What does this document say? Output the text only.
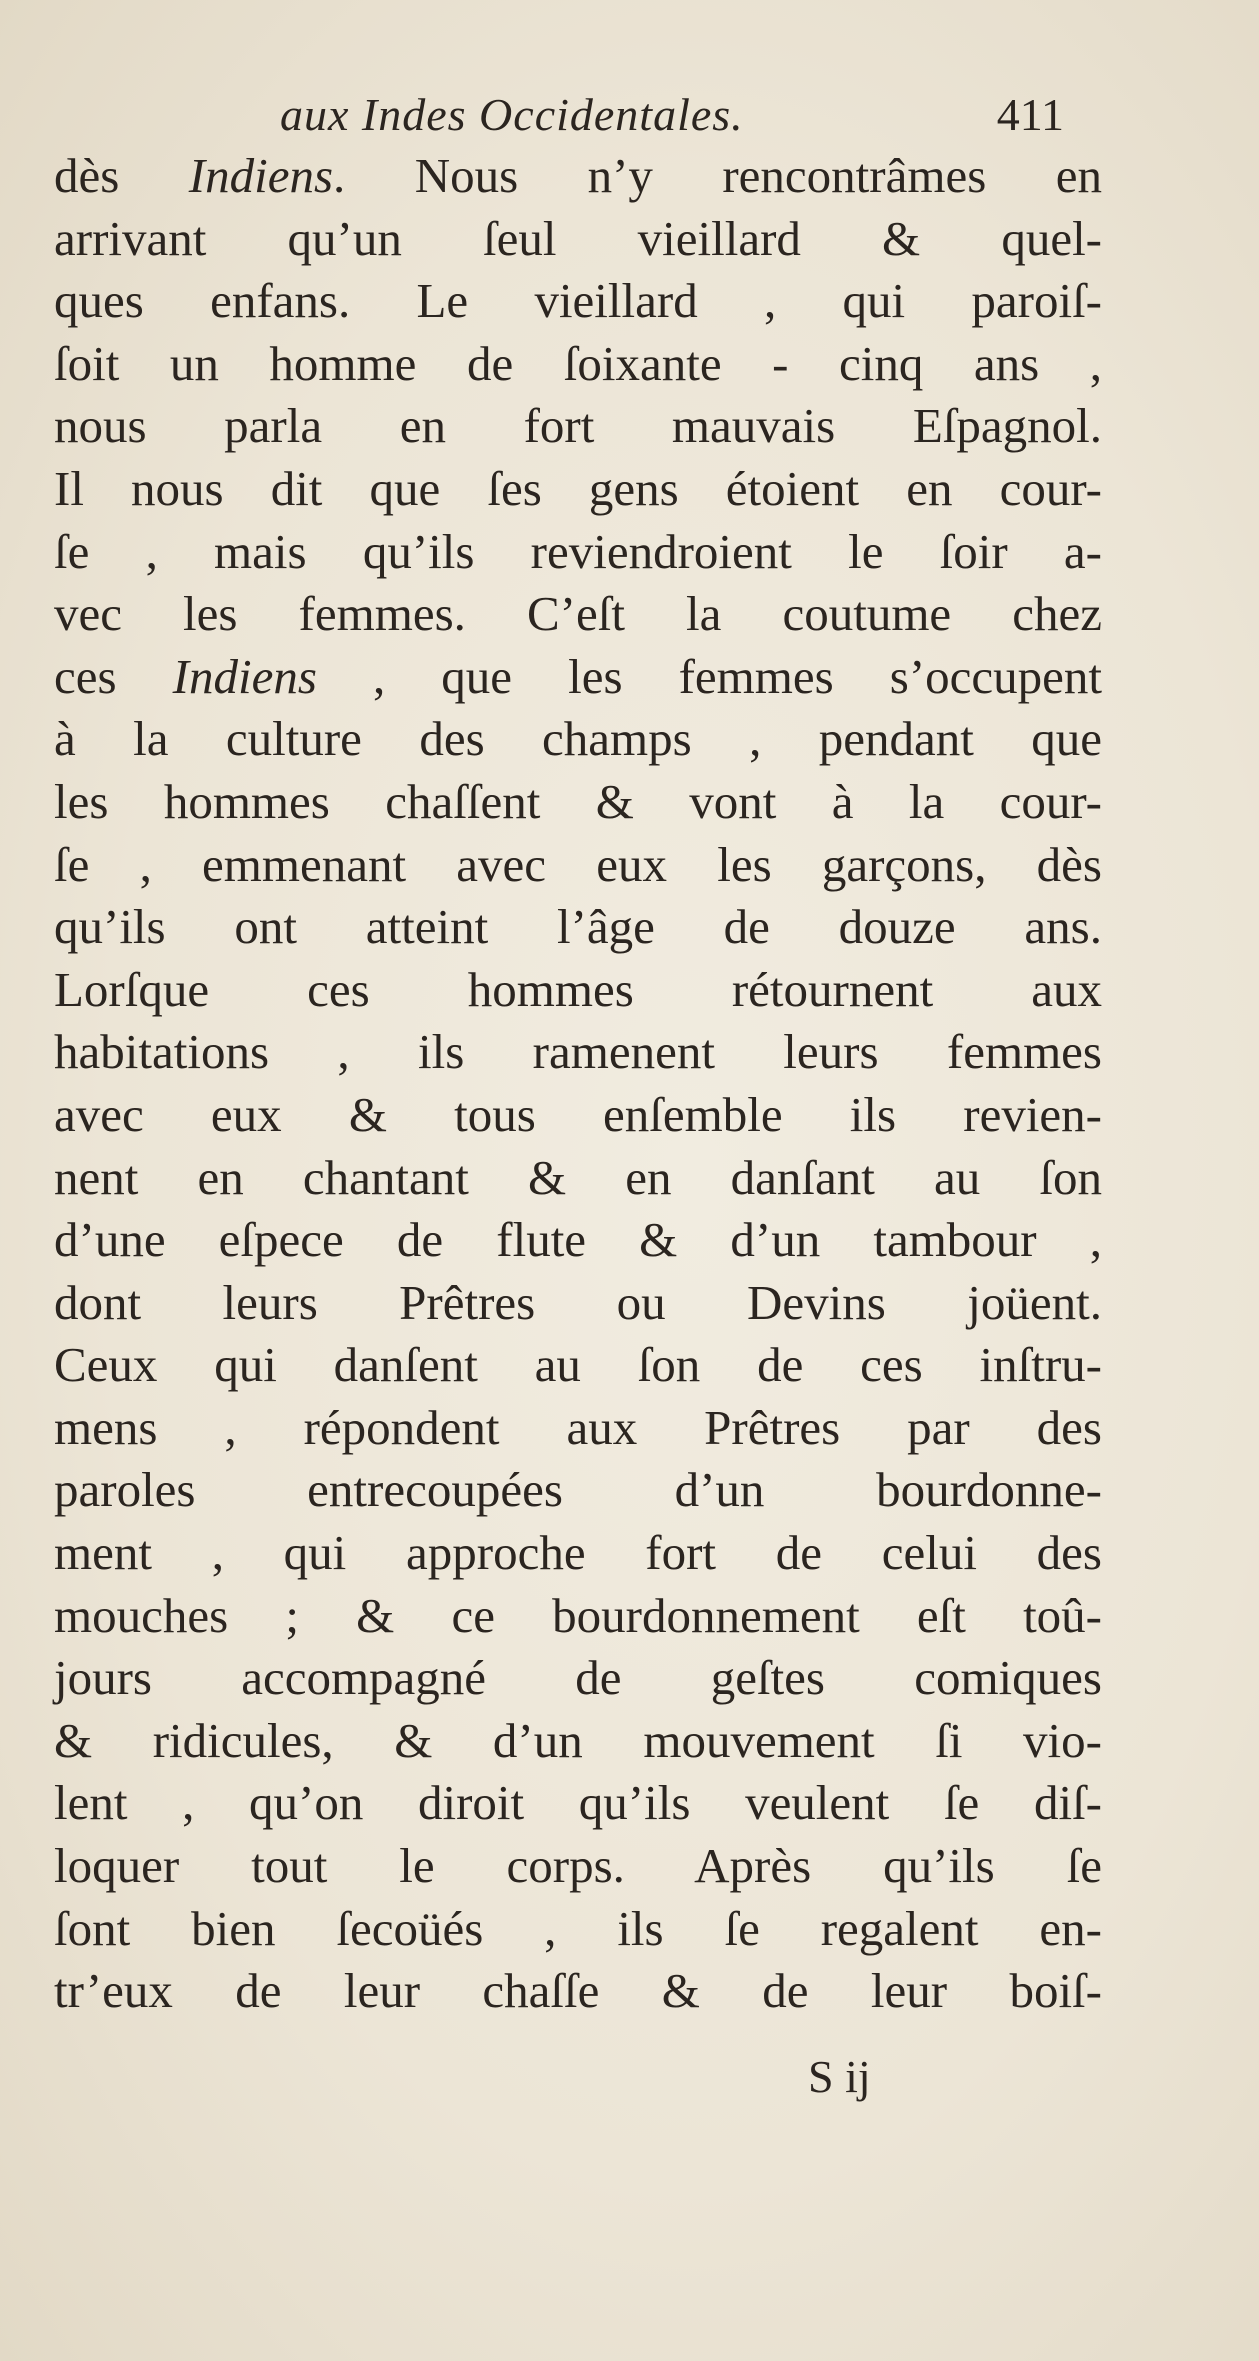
aux Indes Occidentales.	411
dès Indiens. Nous n’y rencontrâmes en
arrivant qu’un ſeul vieillard & quel-
ques enfans. Le vieillard , qui paroiſ-
ſoit un homme de ſoixante - cinq ans ,
nous parla en fort mauvais Eſpagnol.
Il nous dit que ſes gens étoient en cour-
ſe , mais qu’ils reviendroient le ſoir a-
vec les femmes. C’eſt la coutume chez
ces Indiens , que les femmes s’occupent
à la culture des champs , pendant que
les hommes chaſſent & vont à la cour-
ſe , emmenant avec eux les garçons, dès
qu’ils ont atteint l’âge de douze ans.
Lorſque ces hommes rétournent aux
habitations , ils ramenent leurs femmes
avec eux & tous enſemble ils revien-
nent en chantant & en danſant au ſon
d’une eſpece de flute & d’un tambour ,
dont leurs Prêtres ou Devins joüent.
Ceux qui danſent au ſon de ces inſtru-
mens , répondent aux Prêtres par des
paroles entrecoupées d’un bourdonne-
ment , qui approche fort de celui des
mouches ; & ce bourdonnement eſt toû-
jours accompagné de geſtes comiques
& ridicules, & d’un mouvement ſi vio-
lent , qu’on diroit qu’ils veulent ſe diſ-
loquer tout le corps. Après qu’ils ſe
ſont bien ſecoüés , ils ſe regalent en-
tr’eux de leur chaſſe & de leur boiſ-
S ij
